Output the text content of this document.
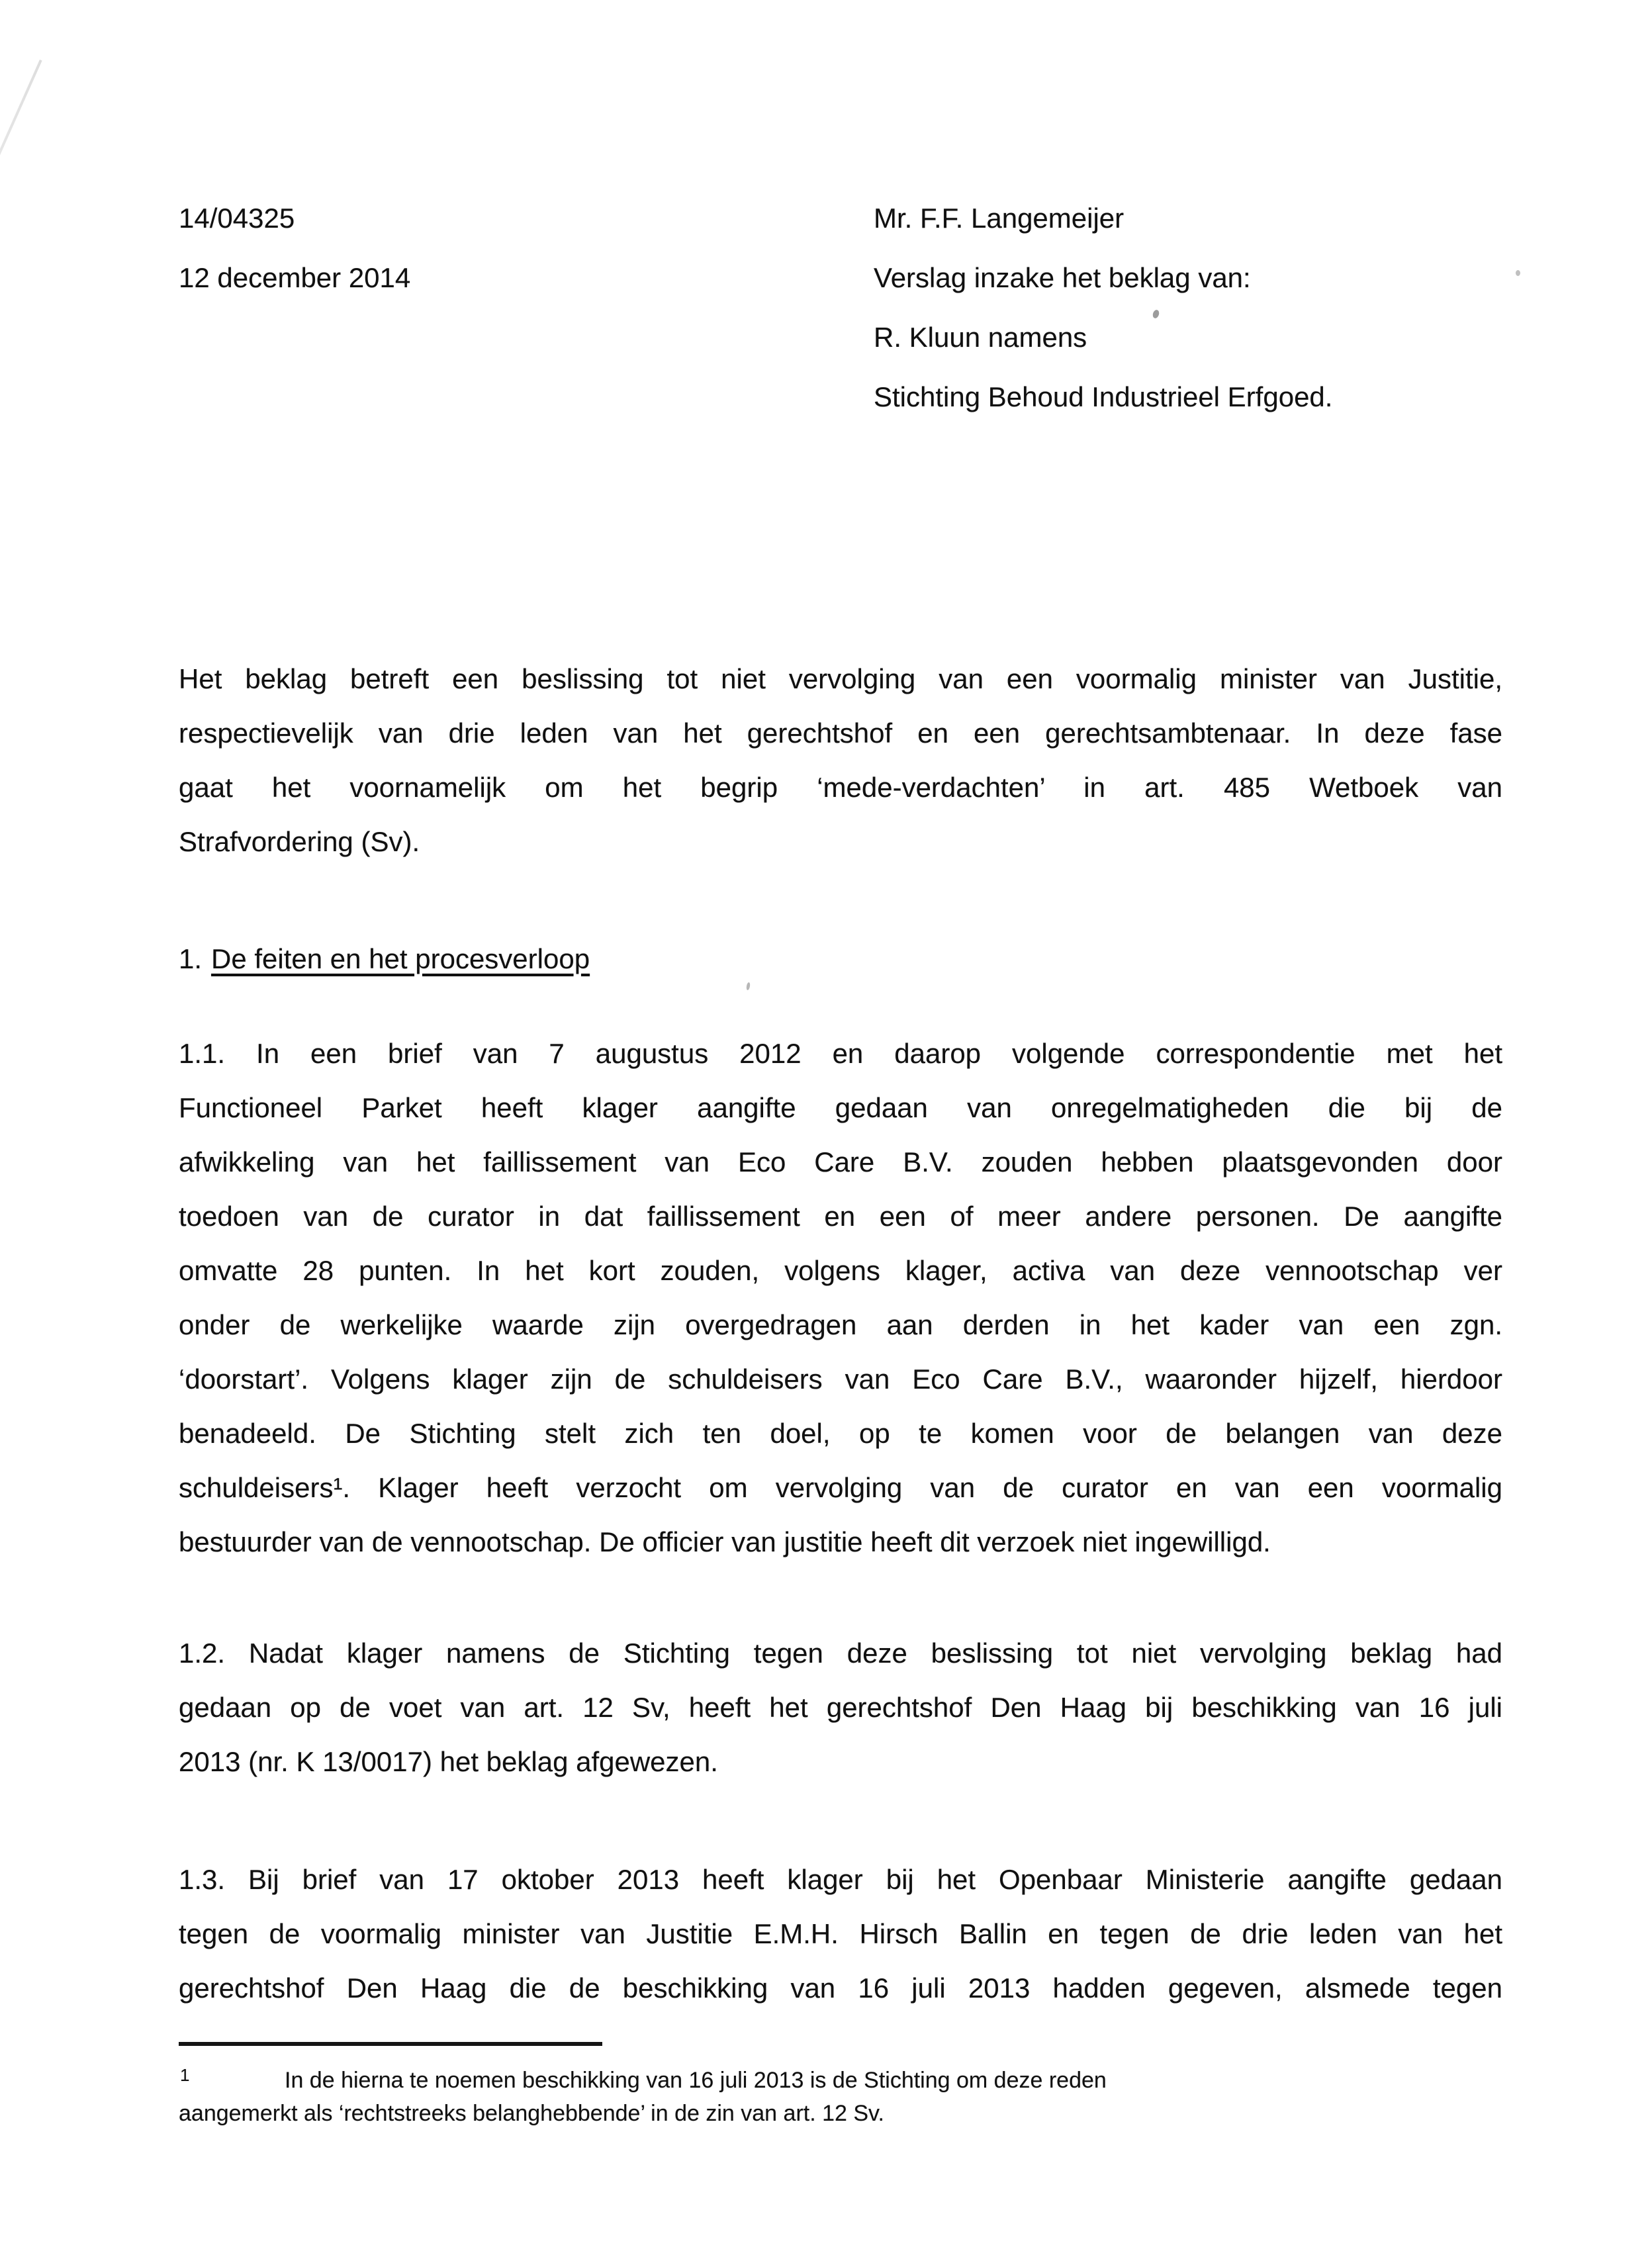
14/04325
12 december 2014
Mr. F.F. Langemeijer
Verslag inzake het beklag van:
R. Kluun namens
Stichting Behoud Industrieel Erfgoed.
Het beklag betreft een beslissing tot niet vervolging van een voormalig minister van Justitie,
respectievelijk van drie leden van het gerechtshof en een gerechtsambtenaar. In deze fase
gaat het voornamelijk om het begrip ‘mede-verdachten’ in art. 485 Wetboek van
Strafvordering (Sv).
1. De feiten en het procesverloop
1.1. In een brief van 7 augustus 2012 en daarop volgende correspondentie met het
Functioneel Parket heeft klager aangifte gedaan van onregelmatigheden die bij de
afwikkeling van het faillissement van Eco Care B.V. zouden hebben plaatsgevonden door
toedoen van de curator in dat faillissement en een of meer andere personen. De aangifte
omvatte 28 punten. In het kort zouden, volgens klager, activa van deze vennootschap ver
onder de werkelijke waarde zijn overgedragen aan derden in het kader van een zgn.
‘doorstart’. Volgens klager zijn de schuldeisers van Eco Care B.V., waaronder hijzelf, hierdoor
benadeeld. De Stichting stelt zich ten doel, op te komen voor de belangen van deze
schuldeisers¹. Klager heeft verzocht om vervolging van de curator en van een voormalig
bestuurder van de vennootschap. De officier van justitie heeft dit verzoek niet ingewilligd.
1.2. Nadat klager namens de Stichting tegen deze beslissing tot niet vervolging beklag had
gedaan op de voet van art. 12 Sv, heeft het gerechtshof Den Haag bij beschikking van 16 juli
2013 (nr. K 13/0017) het beklag afgewezen.
1.3. Bij brief van 17 oktober 2013 heeft klager bij het Openbaar Ministerie aangifte gedaan
tegen de voormalig minister van Justitie E.M.H. Hirsch Ballin en tegen de drie leden van het
gerechtshof Den Haag die de beschikking van 16 juli 2013 hadden gegeven, alsmede tegen
1	In de hierna te noemen beschikking van 16 juli 2013 is de Stichting om deze reden
aangemerkt als ‘rechtstreeks belanghebbende’ in de zin van art. 12 Sv.
